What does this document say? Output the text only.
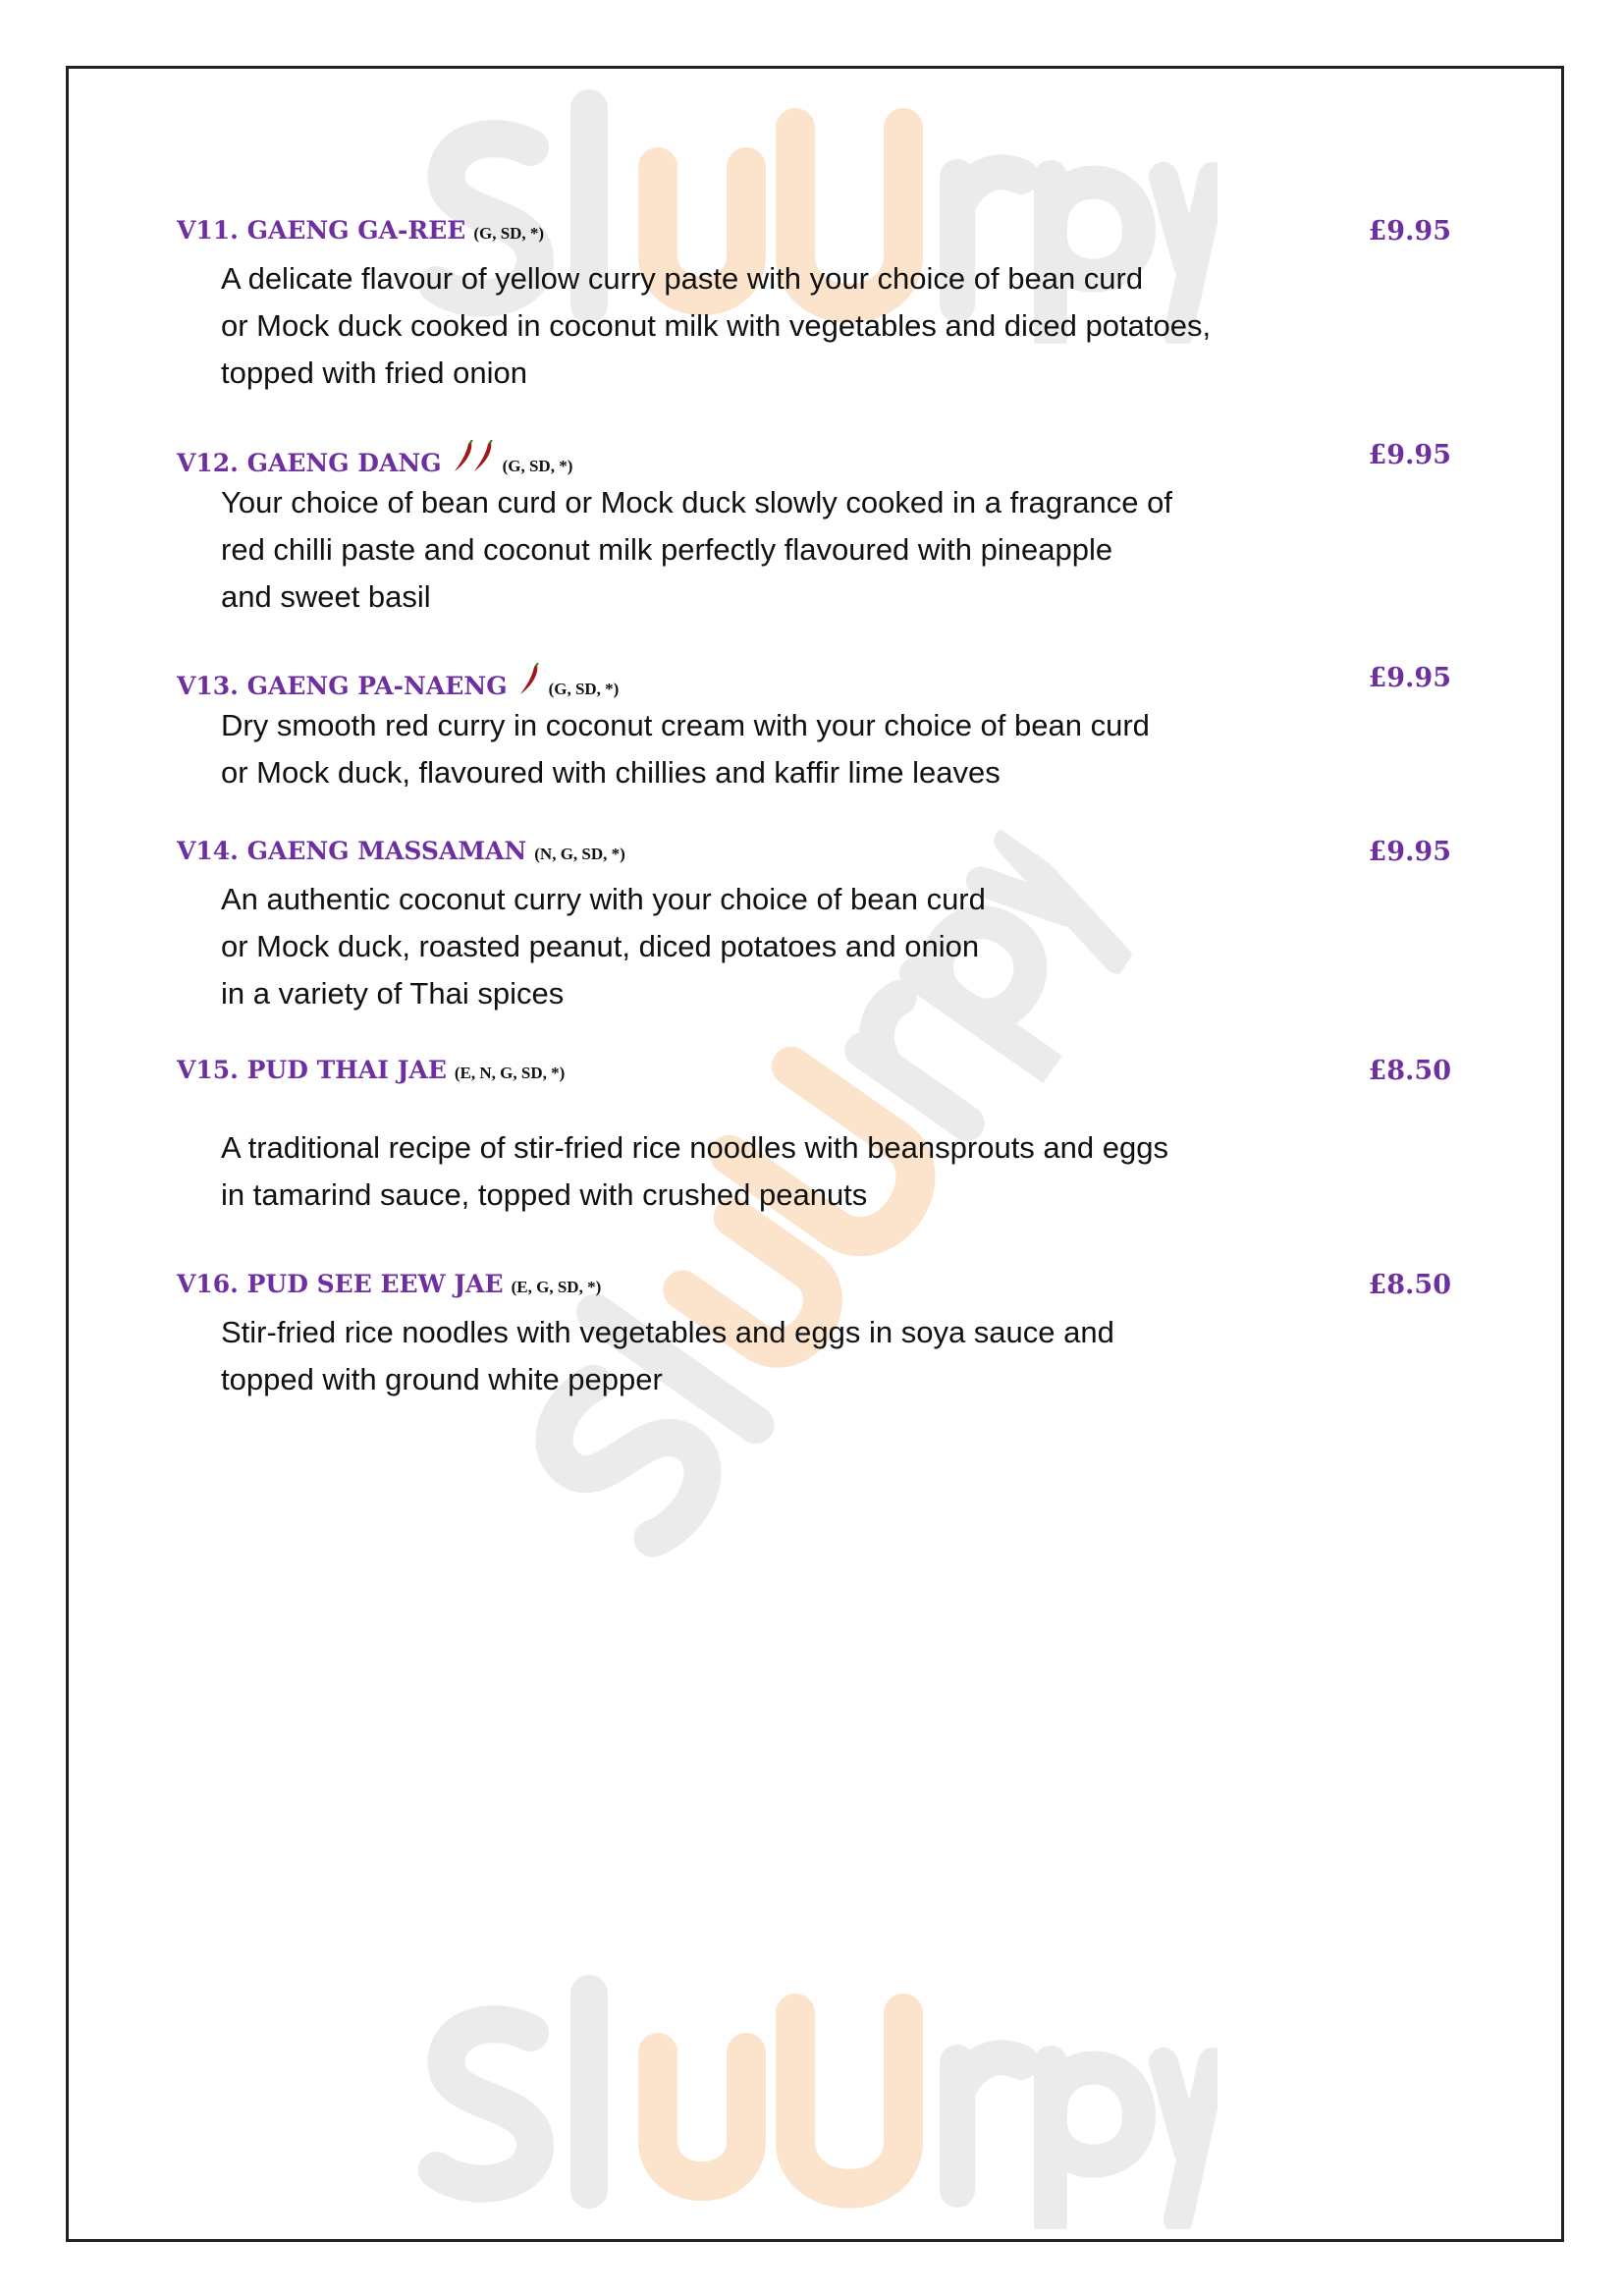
V11. GAENG GA-REE (G, SD, *)	£9.95
A delicate flavour of yellow curry paste with your choice of bean curd
or Mock duck cooked in coconut milk with vegetables and diced potatoes,
topped with fried onion
V12. GAENG DANG	(G, SD, *)	£9.95
Your choice of bean curd or Mock duck slowly cooked in a fragrance of
red chilli paste and coconut milk perfectly flavoured with pineapple
and sweet basil
V13. GAENG PA-NAENG (G, SD, *)	£9.95
Dry smooth red curry in coconut cream with your choice of bean curd
or Mock duck, flavoured with chillies and kaffir lime leaves
V14. GAENG MASSAMAN (N, G, SD, *)	£9.95
An authentic coconut curry with your choice of bean curd
or Mock duck, roasted peanut, diced potatoes and onion
in a variety of Thai spices
V15. PUD THAI JAE (E, N, G, SD, *)	£8.50
A traditional recipe of stir-fried rice noodles with beansprouts and eggs
in tamarind sauce, topped with crushed peanuts
V16. PUD SEE EEW JAE (E, G, SD, *)	£8.50
Stir-fried rice noodles with vegetables and eggs in soya sauce and
topped with ground white pepper
